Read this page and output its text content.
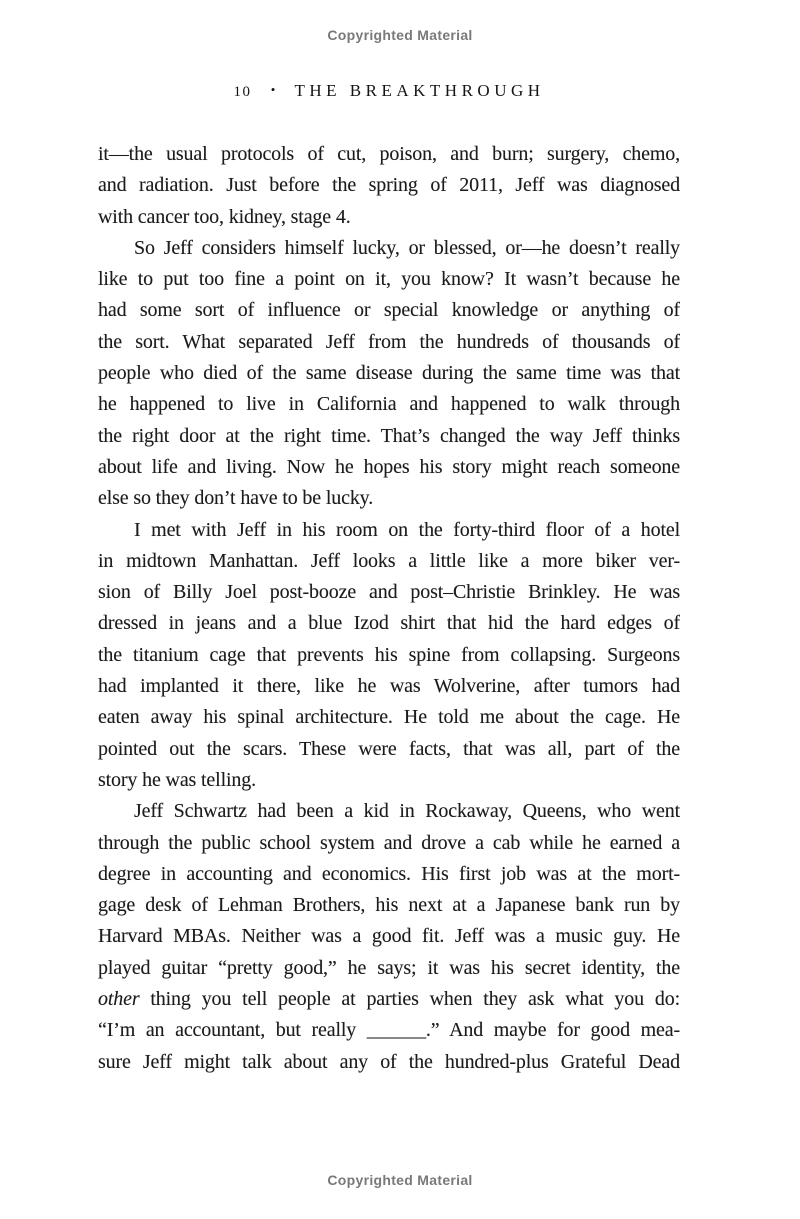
Copyrighted Material
10 • THE BREAKTHROUGH
it—the usual protocols of cut, poison, and burn; surgery, chemo,
and radiation. Just before the spring of 2011, Jeff was diagnosed
with cancer too, kidney, stage 4.
So Jeff considers himself lucky, or blessed, or—he doesn’t really
like to put too fine a point on it, you know? It wasn’t because he
had some sort of influence or special knowledge or anything of
the sort. What separated Jeff from the hundreds of thousands of
people who died of the same disease during the same time was that
he happened to live in California and happened to walk through
the right door at the right time. That’s changed the way Jeff thinks
about life and living. Now he hopes his story might reach someone
else so they don’t have to be lucky.
I met with Jeff in his room on the forty-third floor of a hotel
in midtown Manhattan. Jeff looks a little like a more biker ver-
sion of Billy Joel post-booze and post–Christie Brinkley. He was
dressed in jeans and a blue Izod shirt that hid the hard edges of
the titanium cage that prevents his spine from collapsing. Surgeons
had implanted it there, like he was Wolverine, after tumors had
eaten away his spinal architecture. He told me about the cage. He
pointed out the scars. These were facts, that was all, part of the
story he was telling.
Jeff Schwartz had been a kid in Rockaway, Queens, who went
through the public school system and drove a cab while he earned a
degree in accounting and economics. His first job was at the mort-
gage desk of Lehman Brothers, his next at a Japanese bank run by
Harvard MBAs. Neither was a good fit. Jeff was a music guy. He
played guitar “pretty good,” he says; it was his secret identity, the
other thing you tell people at parties when they ask what you do:
“I’m an accountant, but really ______.” And maybe for good mea-
sure Jeff might talk about any of the hundred-plus Grateful Dead
Copyrighted Material
